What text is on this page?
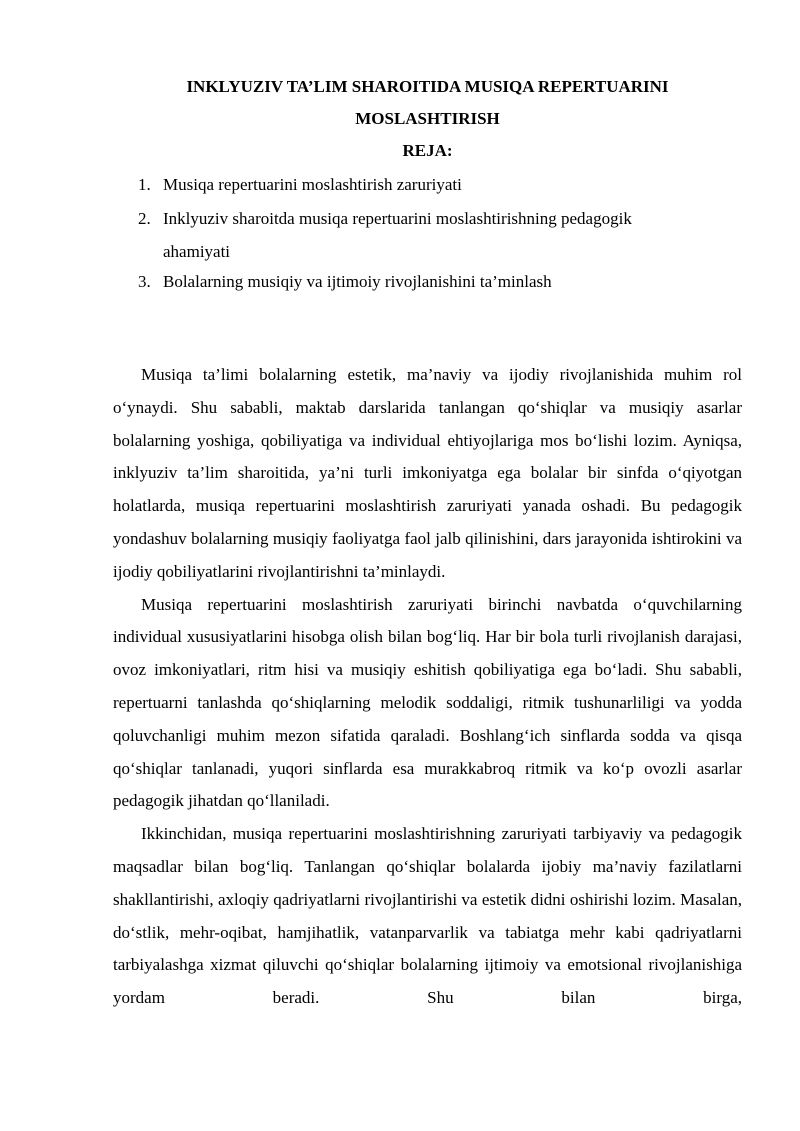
INKLYUZIV TA’LIM SHAROITIDA MUSIQA REPERTUARINI
MOSLASHTIRISH
REJA:
1. Musiqa repertuarini moslashtirish zaruriyati
2. Inklyuziv sharoitda musiqa repertuarini moslashtirishning pedagogik
ahamiyati
3. Bolalarning musiqiy va ijtimoiy rivojlanishini ta’minlash

Musiqa ta’limi bolalarning estetik, ma’naviy va ijodiy rivojlanishida muhim rol o‘ynaydi. Shu sababli, maktab darslarida tanlangan qo‘shiqlar va musiqiy asarlar bolalarning yoshiga, qobiliyatiga va individual ehtiyojlariga mos bo‘lishi lozim. Ayniqsa, inklyuziv ta’lim sharoitida, ya’ni turli imkoniyatga ega bolalar bir sinfda o‘qiyotgan holatlarda, musiqa repertuarini moslashtirish zaruriyati yanada oshadi. Bu pedagogik yondashuv bolalarning musiqiy faoliyatga faol jalb qilinishini, dars jarayonida ishtirokini va ijodiy qobiliyatlarini rivojlantirishni ta’minlaydi.

Musiqa repertuarini moslashtirish zaruriyati birinchi navbatda o‘quvchilarning individual xususiyatlarini hisobga olish bilan bog‘liq. Har bir bola turli rivojlanish darajasi, ovoz imkoniyatlari, ritm hisi va musiqiy eshitish qobiliyatiga ega bo‘ladi. Shu sababli, repertuarni tanlashda qo‘shiqlarning melodik soddaligi, ritmik tushunarliligi va yodda qoluvchanligi muhim mezon sifatida qaraladi. Boshlang‘ich sinflarda sodda va qisqa qo‘shiqlar tanlanadi, yuqori sinflarda esa murakkabroq ritmik va ko‘p ovozli asarlar pedagogik jihatdan qo‘llaniladi.

Ikkinchidan, musiqa repertuarini moslashtirishning zaruriyati tarbiyaviy va pedagogik maqsadlar bilan bog‘liq. Tanlangan qo‘shiqlar bolalarda ijobiy ma’naviy fazilatlarni shakllantirishi, axloqiy qadriyatlarni rivojlantirishi va estetik didni oshirishi lozim. Masalan, do‘stlik, mehr-oqibat, hamjihatlik, vatanparvarlik va tabiatga mehr kabi qadriyatlarni tarbiyalashga xizmat qiluvchi qo‘shiqlar bolalarning ijtimoiy va emotsional rivojlanishiga yordam beradi. Shu bilan birga,
